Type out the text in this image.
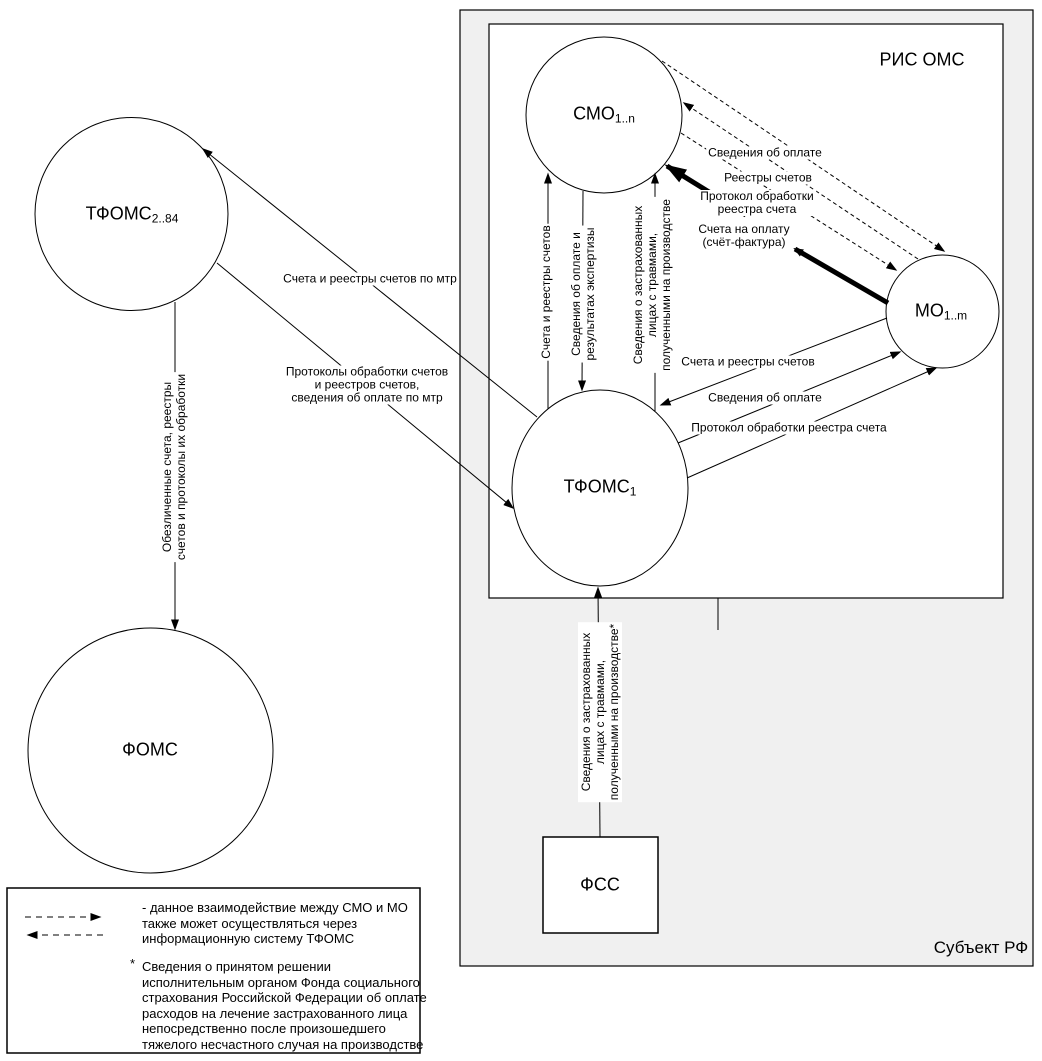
РИС ОМС
Субъект РФ
ТФОМС2..84
ФОМС
СМО1..n
МО1..m
ТФОМС1
ФСС
Счета и реестры счетов по мтр
Протоколы обработки счетов
и реестров счетов,
сведения об оплате по мтр
Сведения об оплате
Реестры счетов
Протокол обработки
реестра счета
Счета на оплату
(счёт-фактура)
Счета и реестры счетов
Сведения об оплате
Протокол обработки реестра счета
Обезличенные счета, реестры счетов и протоколы их обработки
Счета и реестры счетов Сведения об оплате и результатах экспертизы	Сведения о застрахованных лицах с травмами, полученными на производстве
Сведения о застрахованных лицах с травмами, полученными на производстве*
- данное взаимодействие между СМО и МО
также может осуществляться через
информационную систему ТФОМС
* Сведения о принятом решении
исполнительным органом Фонда социального
страхования Российской Федерации об оплате
расходов на лечение застрахованного лица
непосредственно после произошедшего
тяжелого несчастного случая на производстве
